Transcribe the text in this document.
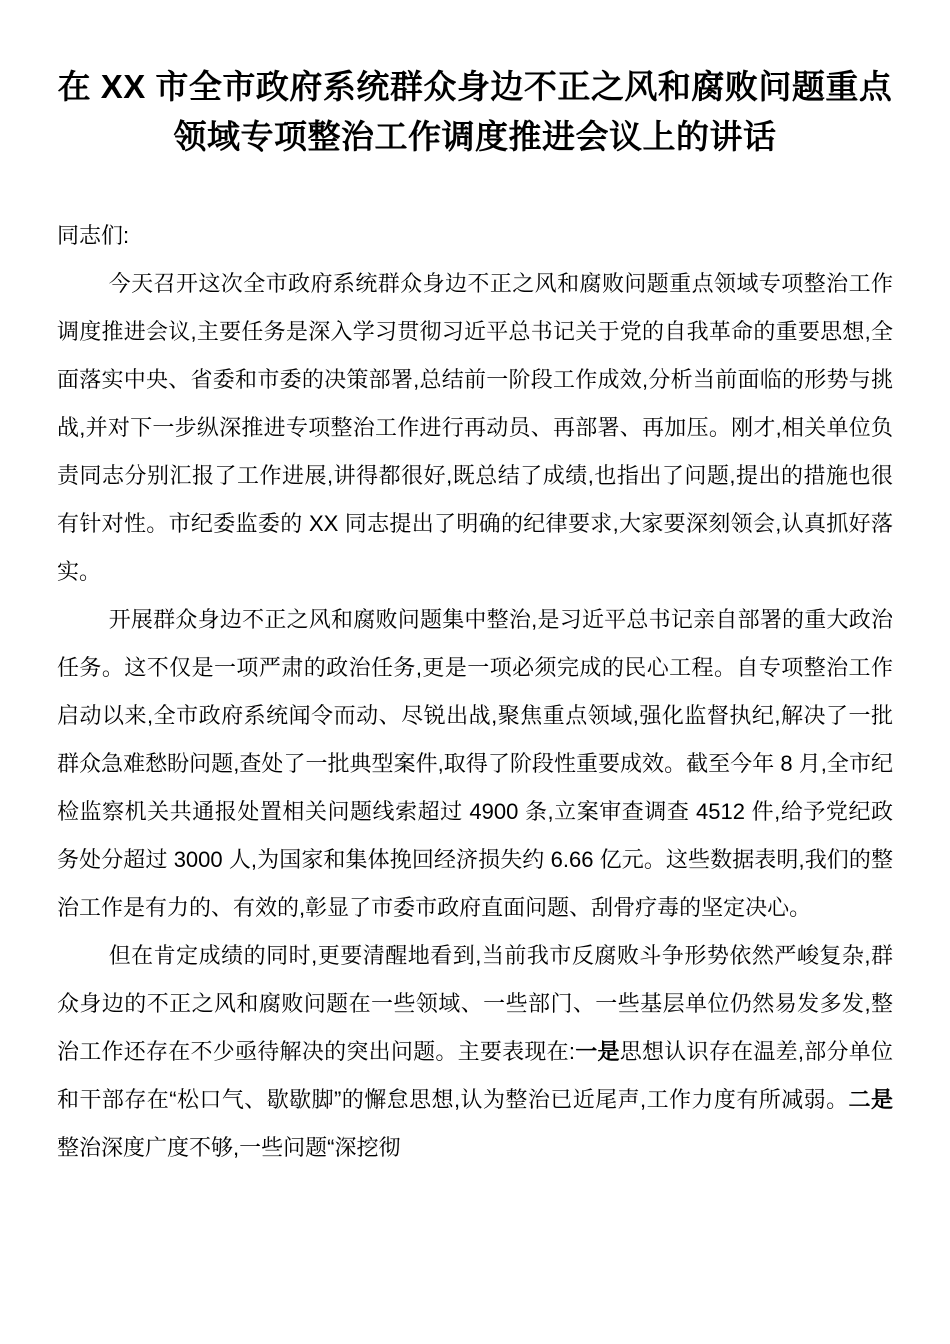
在 XX 市全市政府系统群众身边不正之风和腐败问题重点领域专项整治工作调度推进会议上的讲话

同志们:

今天召开这次全市政府系统群众身边不正之风和腐败问题重点领域专项整治工作调度推进会议,主要任务是深入学习贯彻习近平总书记关于党的自我革命的重要思想,全面落实中央、省委和市委的决策部署,总结前一阶段工作成效,分析当前面临的形势与挑战,并对下一步纵深推进专项整治工作进行再动员、再部署、再加压。刚才,相关单位负责同志分别汇报了工作进展,讲得都很好,既总结了成绩,也指出了问题,提出的措施也很有针对性。市纪委监委的 XX 同志提出了明确的纪律要求,大家要深刻领会,认真抓好落实。

开展群众身边不正之风和腐败问题集中整治,是习近平总书记亲自部署的重大政治任务。这不仅是一项严肃的政治任务,更是一项必须完成的民心工程。自专项整治工作启动以来,全市政府系统闻令而动、尽锐出战,聚焦重点领域,强化监督执纪,解决了一批群众急难愁盼问题,查处了一批典型案件,取得了阶段性重要成效。截至今年 8 月,全市纪检监察机关共通报处置相关问题线索超过 4900 条,立案审查调查 4512 件,给予党纪政务处分超过 3000 人,为国家和集体挽回经济损失约 6.66 亿元。这些数据表明,我们的整治工作是有力的、有效的,彰显了市委市政府直面问题、刮骨疗毒的坚定决心。

但在肯定成绩的同时,更要清醒地看到,当前我市反腐败斗争形势依然严峻复杂,群众身边的不正之风和腐败问题在一些领域、一些部门、一些基层单位仍然易发多发,整治工作还存在不少亟待解决的突出问题。主要表现在:一是思想认识存在温差,部分单位和干部存在“松口气、歇歇脚”的懈怠思想,认为整治已近尾声,工作力度有所减弱。二是整治深度广度不够,一些问题“深挖彻
